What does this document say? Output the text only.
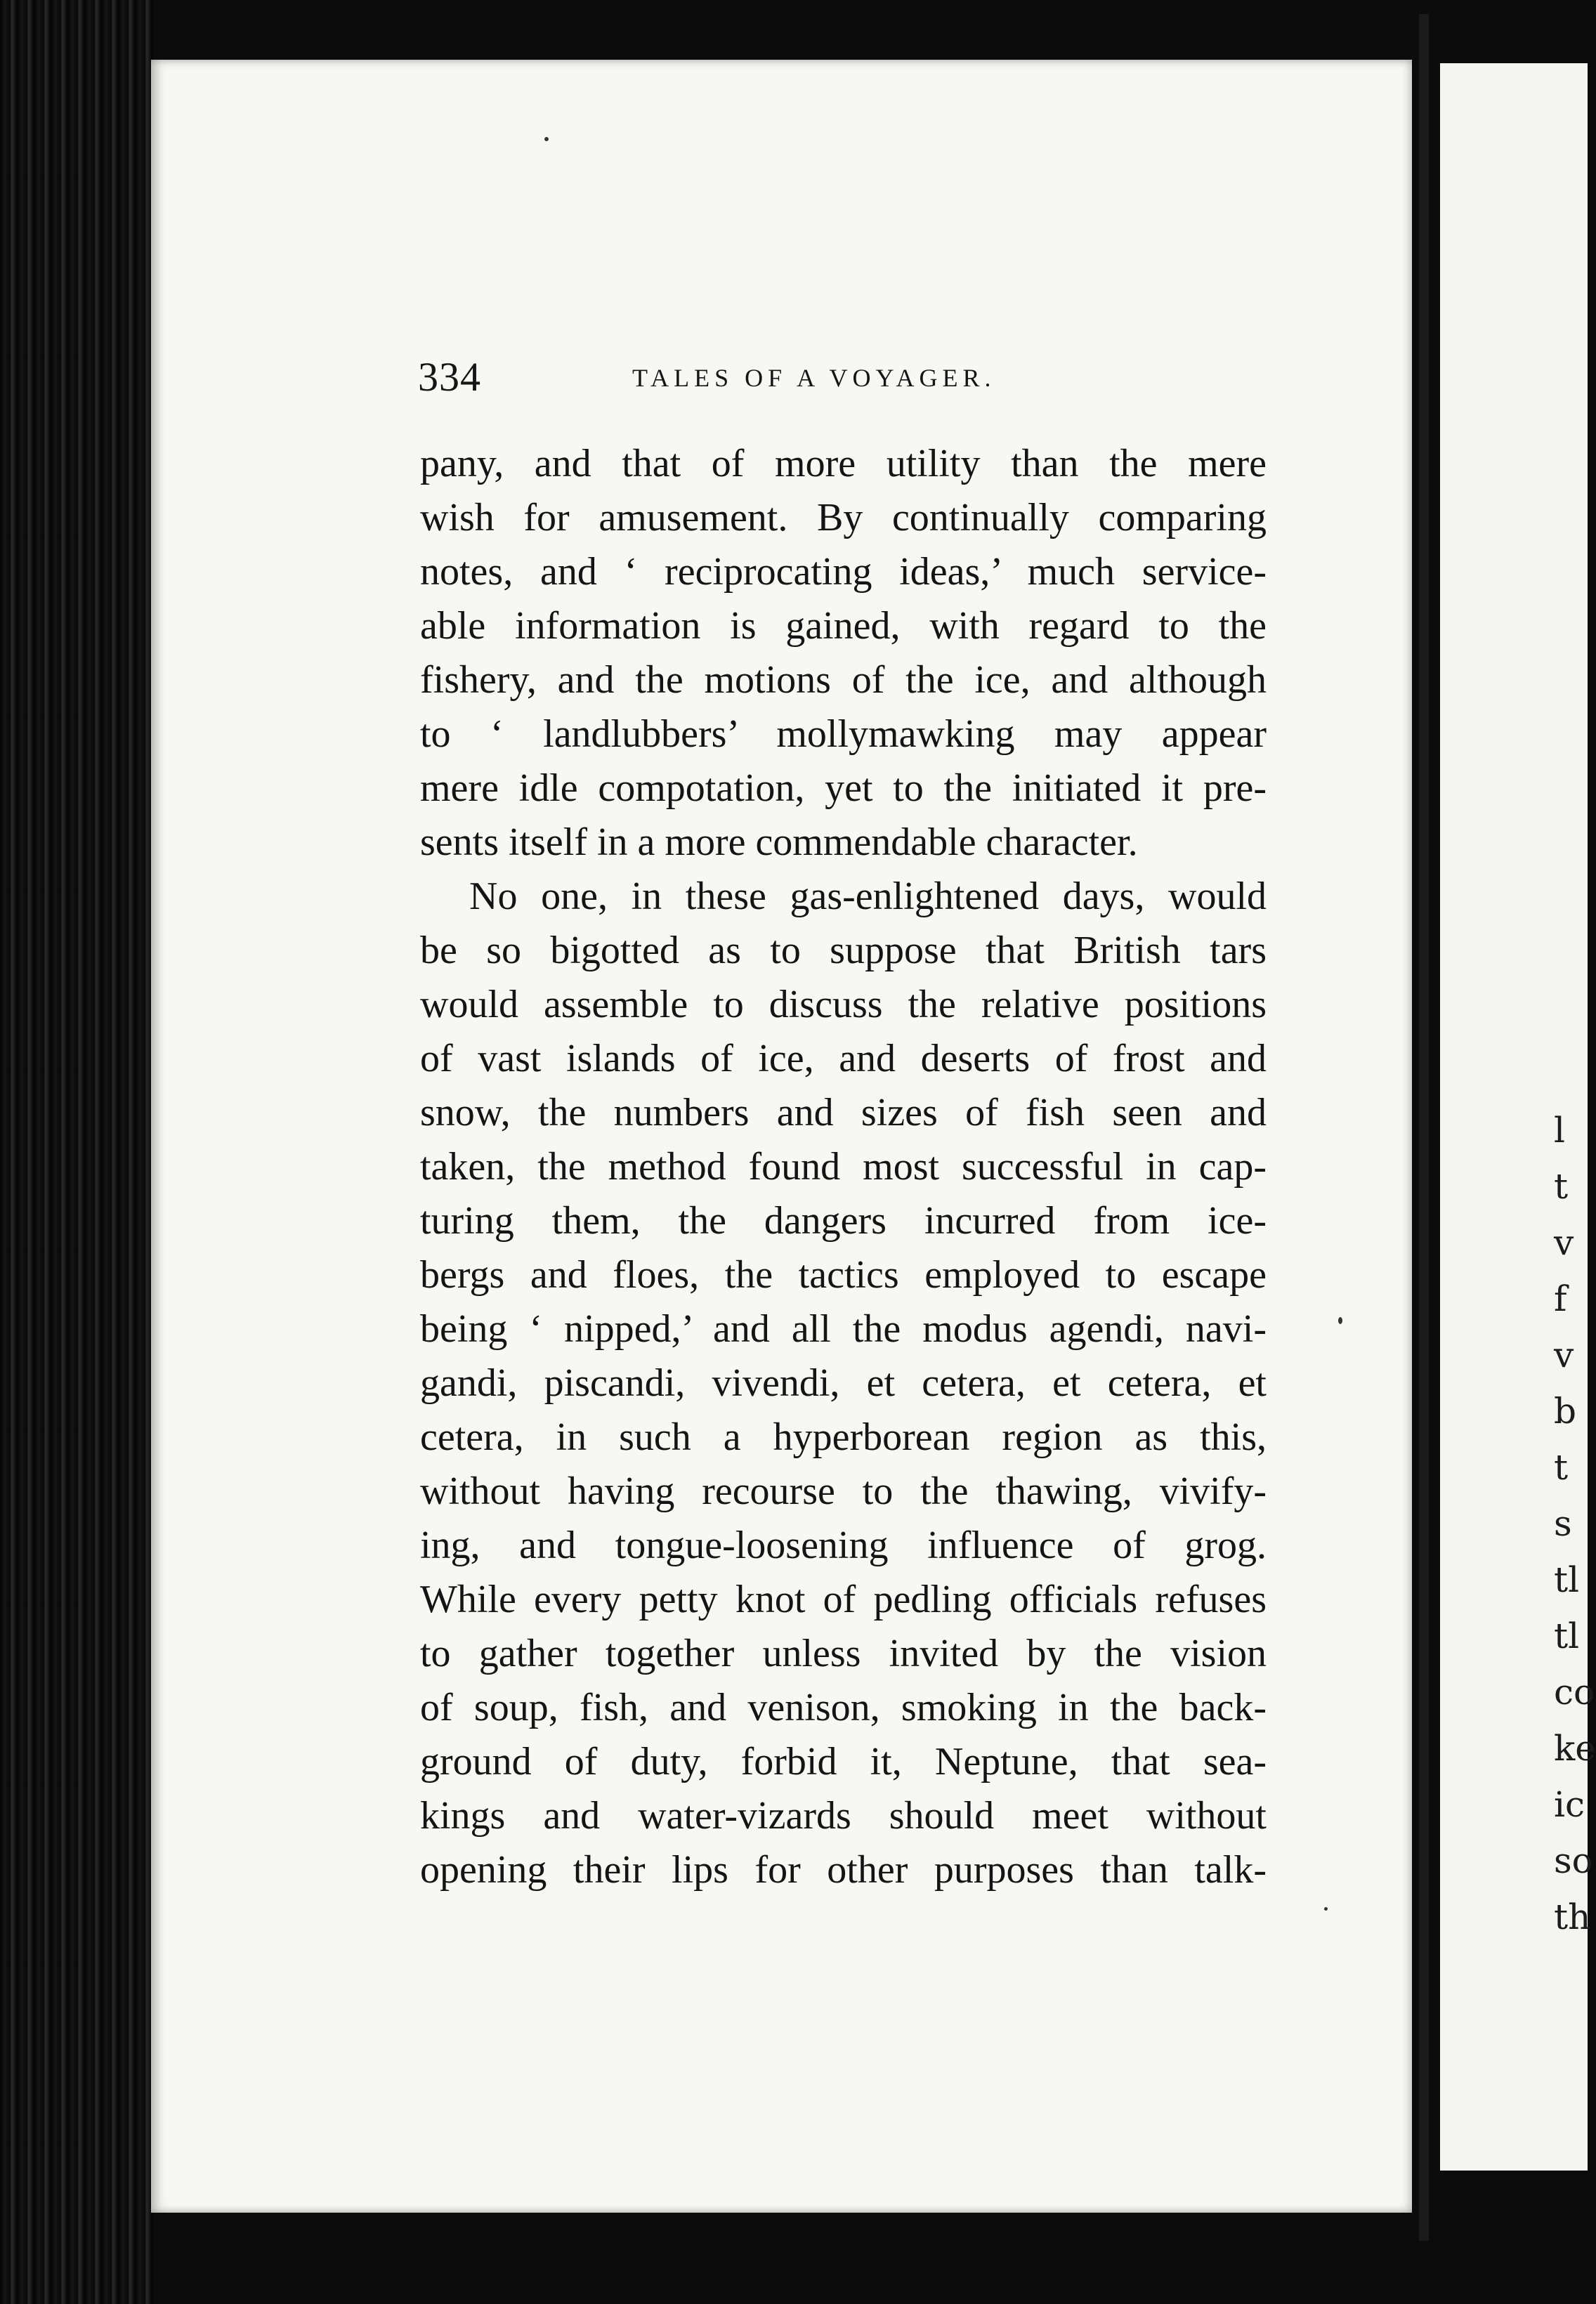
l
t
v
f
v
b
t
s
tl
tl
co
ke
ic
so
th
334	TALES OF A VOYAGER.
pany, and that of more utility than the mere
wish for amusement. By continually comparing
notes, and ‘ reciprocating ideas,’ much service-
able information is gained, with regard to the
fishery, and the motions of the ice, and although
to ‘ landlubbers’ mollymawking may appear
mere idle compotation, yet to the initiated it pre-
sents itself in a more commendable character.
No one, in these gas-enlightened days, would
be so bigotted as to suppose that British tars
would assemble to discuss the relative positions
of vast islands of ice, and deserts of frost and
snow, the numbers and sizes of fish seen and
taken, the method found most successful in cap-
turing them, the dangers incurred from ice-
bergs and floes, the tactics employed to escape
being ‘ nipped,’ and all the modus agendi, navi-
gandi, piscandi, vivendi, et cetera, et cetera, et
cetera, in such a hyperborean region as this,
without having recourse to the thawing, vivify-
ing, and tongue-loosening influence of grog.
While every petty knot of pedling officials refuses
to gather together unless invited by the vision
of soup, fish, and venison, smoking in the back-
ground of duty, forbid it, Neptune, that sea-
kings and water-vizards should meet without
opening their lips for other purposes than talk-
